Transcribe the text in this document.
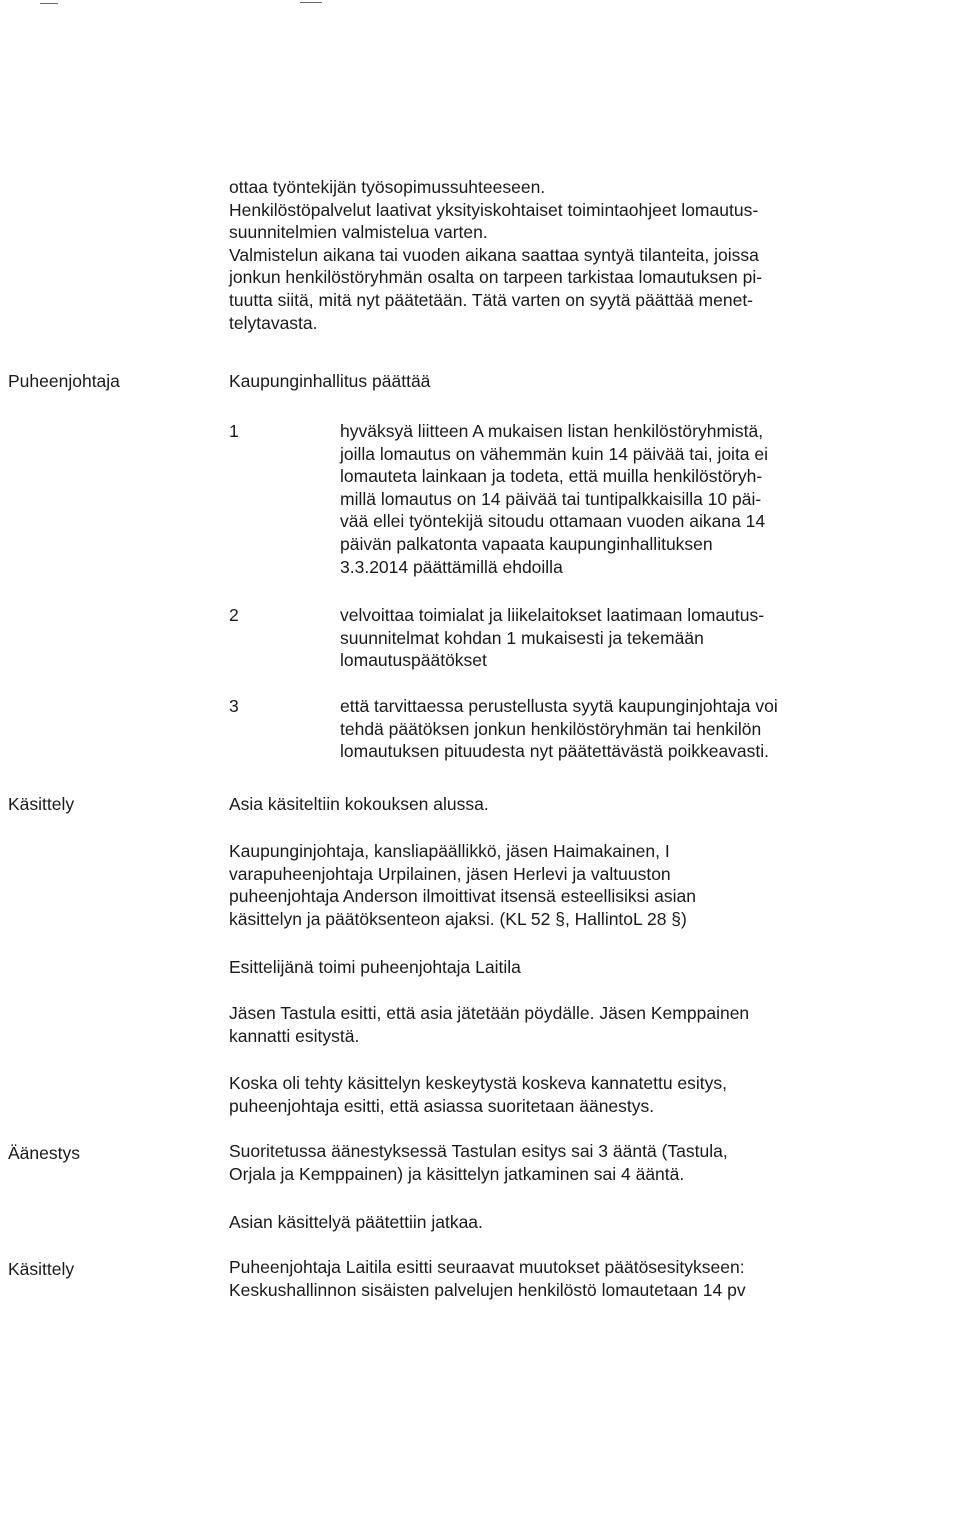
ottaa työntekijän työsopimussuhteeseen.

Henkilöstöpalvelut laativat yksityiskohtaiset toimintaohjeet lomautus-

suunnitelmien valmistelua varten.

Valmistelun aikana tai vuoden aikana saattaa syntyä tilanteita, joissa

jonkun henkilöstöryhmän osalta on tarpeen tarkistaa lomautuksen pi-

tuutta siitä, mitä nyt päätetään. Tätä varten on syytä päättää menet-

telytavasta.

Puheenjohtaja	Kaupunginhallitus päättää

1	hyväksyä liitteen A mukaisen listan henkilöstöryhmistä,

joilla lomautus on vähemmän kuin 14 päivää tai, joita ei

lomauteta lainkaan ja todeta, että muilla henkilöstöryh-

millä lomautus on 14 päivää tai tuntipalkkaisilla 10 päi-

vää ellei työntekijä sitoudu ottamaan vuoden aikana 14

päivän palkatonta vapaata kaupunginhallituksen

3.3.2014 päättämillä ehdoilla

2	velvoittaa toimialat ja liikelaitokset laatimaan lomautus-

suunnitelmat kohdan 1 mukaisesti ja tekemään

lomautuspäätökset

3	että tarvittaessa perustellusta syytä kaupunginjohtaja voi

tehdä päätöksen jonkun henkilöstöryhmän tai henkilön

lomautuksen pituudesta nyt päätettävästä poikkeavasti.

Käsittely	Asia käsiteltiin kokouksen alussa.

Kaupunginjohtaja, kansliapäällikkö, jäsen Haimakainen, I

varapuheenjohtaja Urpilainen, jäsen Herlevi ja valtuuston

puheenjohtaja Anderson ilmoittivat itsensä esteellisiksi asian

käsittelyn ja päätöksenteon ajaksi. (KL 52 §, HallintoL 28 §)

Esittelijänä toimi puheenjohtaja Laitila

Jäsen Tastula esitti, että asia jätetään pöydälle. Jäsen Kemppainen

kannatti esitystä.

Koska oli tehty käsittelyn keskeytystä koskeva kannatettu esitys,

puheenjohtaja esitti, että asiassa suoritetaan äänestys.

Äänestys	Suoritetussa äänestyksessä Tastulan esitys sai 3 ääntä (Tastula,

Orjala ja Kemppainen) ja käsittelyn jatkaminen sai 4 ääntä.

Asian käsittelyä päätettiin jatkaa.

Käsittely	Puheenjohtaja Laitila esitti seuraavat muutokset päätösesitykseen:

Keskushallinnon sisäisten palvelujen henkilöstö lomautetaan 14 pv
